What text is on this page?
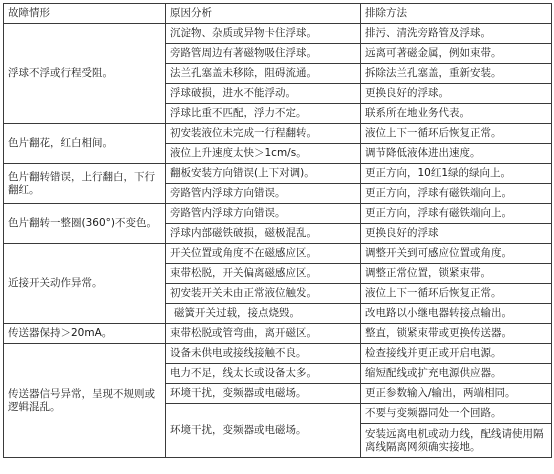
故障情形	原因分析	排除方法
浮球不浮或行程受阻。	沉淀物、杂质或异物卡住浮球。	排污、清洗旁路管及浮球。
	旁路管周边有著磁物吸住浮球。	远离可著磁金属，例如束带。
	法兰孔塞盖未移除，阻碍流通。	拆除法兰孔塞盖，重新安装。
	浮球破损，进水不能浮动。	更换良好的浮球。
	浮球比重不匹配，浮力不定。	联系所在地业务代表。
色片翻花，红白相间。	初安装液位未完成一行程翻转。	液位上下一循环后恢复正常。
	液位上升速度太快＞1cm/s。	调节降低液体进出速度。
色片翻转错误，上行翻白，下行翻红。	翻板安装方向错误(上下对调)。	更正方向，10红1绿的绿向上。
	旁路管内浮球方向错误。	更正方向，浮球有磁铁端向上。
色片翻转一整圈(360°)不变色。	旁路管内浮球方向错误。	更正方向，浮球有磁铁端向上。
	浮球内部磁铁破损，磁极混乱。	更换良好的浮球
近接开关动作异常。	开关位置或角度不在磁感应区。	调整开关到可感应位置或角度。
	束带松脱，开关偏离磁感应区。	调整正常位置，锁紧束带。
	初安装开关未由正常液位触发。	液位上下一循环后恢复正常。
	磁簧开关过载，接点烧毁。	改电路以小继电器转接点输出。
传送器保持＞20mA。	束带松脱或管弯曲，离开磁区。	整直，锁紧束带或更换传送器。
传送器信号异常，呈现不规则或逻辑混乱。	设备未供电或接线接触不良。	检查接线并更正或开启电源。
	电力不足，线太长或设备太多。	缩短配线或扩充电源供应器。
	环境干扰，变频器或电磁场。	更正参数输入/输出，两端相同。
	环境干扰，变频器或电磁场。	不要与变频器同处一个回路。
		安装远离电机或动力线，配线请使用隔离线隔离网须确实接地。
